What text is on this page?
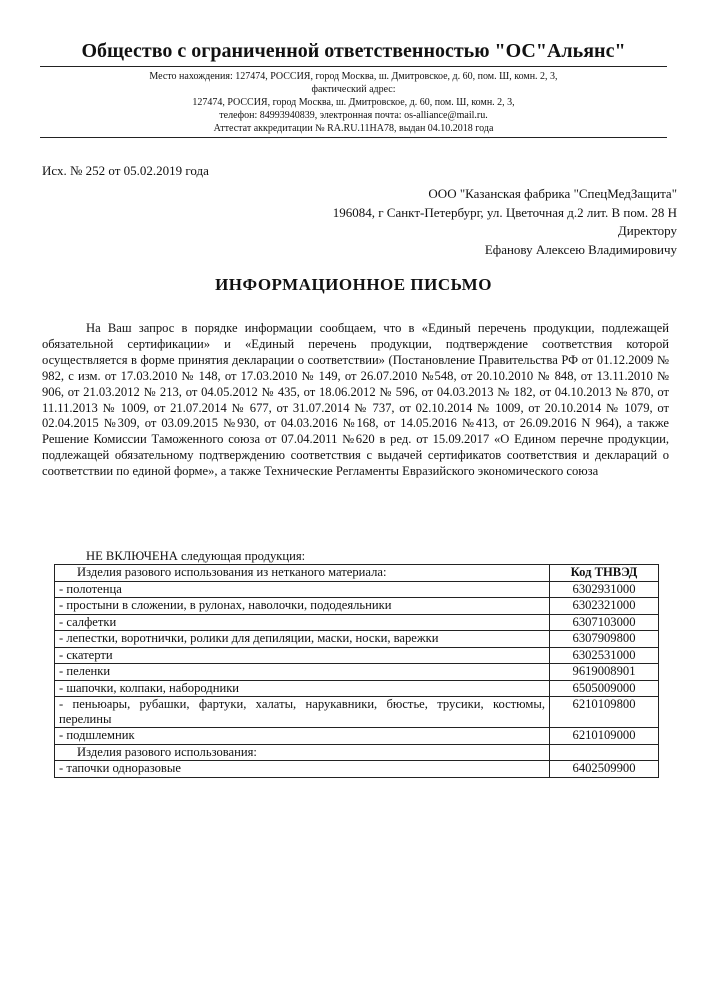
Общество с ограниченной ответственностью "ОС"Альянс"

Место нахождения: 127474, РОССИЯ, город Москва, ш. Дмитровское, д. 60, пом. Ш, комн. 2, 3,

фактический адрес:

127474, РОССИЯ, город Москва, ш. Дмитровское, д. 60, пом. Ш, комн. 2, 3,

телефон: 84993940839, электронная почта: os-alliance@mail.ru.

Аттестат аккредитации № RA.RU.11НА78, выдан 04.10.2018 года

Исх. № 252 от 05.02.2019 года
ООО "Казанская фабрика "СпецМедЗащита"
196084, г Санкт-Петербург, ул. Цветочная д.2 лит. В пом. 28 Н
Директору
Ефанову Алексею Владимировичу
ИНФОРМАЦИОННОЕ ПИСЬМО

На Ваш запрос в порядке информации сообщаем, что в «Единый перечень продукции, подлежащей обязательной сертификации» и «Единый перечень продукции, подтверждение соответствия которой осуществляется в форме принятия декларации о соответствии» (Постановление Правительства РФ от 01.12.2009 № 982, с изм. от 17.03.2010 № 148, от 17.03.2010 № 149, от 26.07.2010 №548, от 20.10.2010 № 848, от 13.11.2010 № 906, от 21.03.2012 № 213, от 04.05.2012 № 435, от 18.06.2012 № 596, от 04.03.2013 № 182, от 04.10.2013 № 870, от 11.11.2013 № 1009, от 21.07.2014 № 677, от 31.07.2014 № 737, от 02.10.2014 № 1009, от 20.10.2014 № 1079, от 02.04.2015 №309, от 03.09.2015 №930, от 04.03.2016 №168, от 14.05.2016 №413, от 26.09.2016 N 964), а также Решение Комиссии Таможенного союза от 07.04.2011 №620 в ред. от 15.09.2017 «О Едином перечне продукции, подлежащей обязательному подтверждению соответствия с выдачей сертификатов соответствия и деклараций о соответствии по единой форме», а также Технические Регламенты Евразийского экономического союза

НЕ ВКЛЮЧЕНА следующая продукция:
Изделия разового использования из нетканого материала:	Код ТНВЭД
- полотенца	6302931000
- простыни в сложении, в рулонах, наволочки, пододеяльники	6302321000
- салфетки	6307103000
- лепестки, воротнички, ролики для депиляции, маски, носки, варежки	6307909800
- скатерти	6302531000
- пеленки	9619008901
- шапочки, колпаки, набородники	6505009000
- пеньюары, рубашки, фартуки, халаты, нарукавники, бюстье, трусики, костюмы, перелины	6210109800
- подшлемник	6210109000
Изделия разового использования:	
- тапочки одноразовые	6402509900
